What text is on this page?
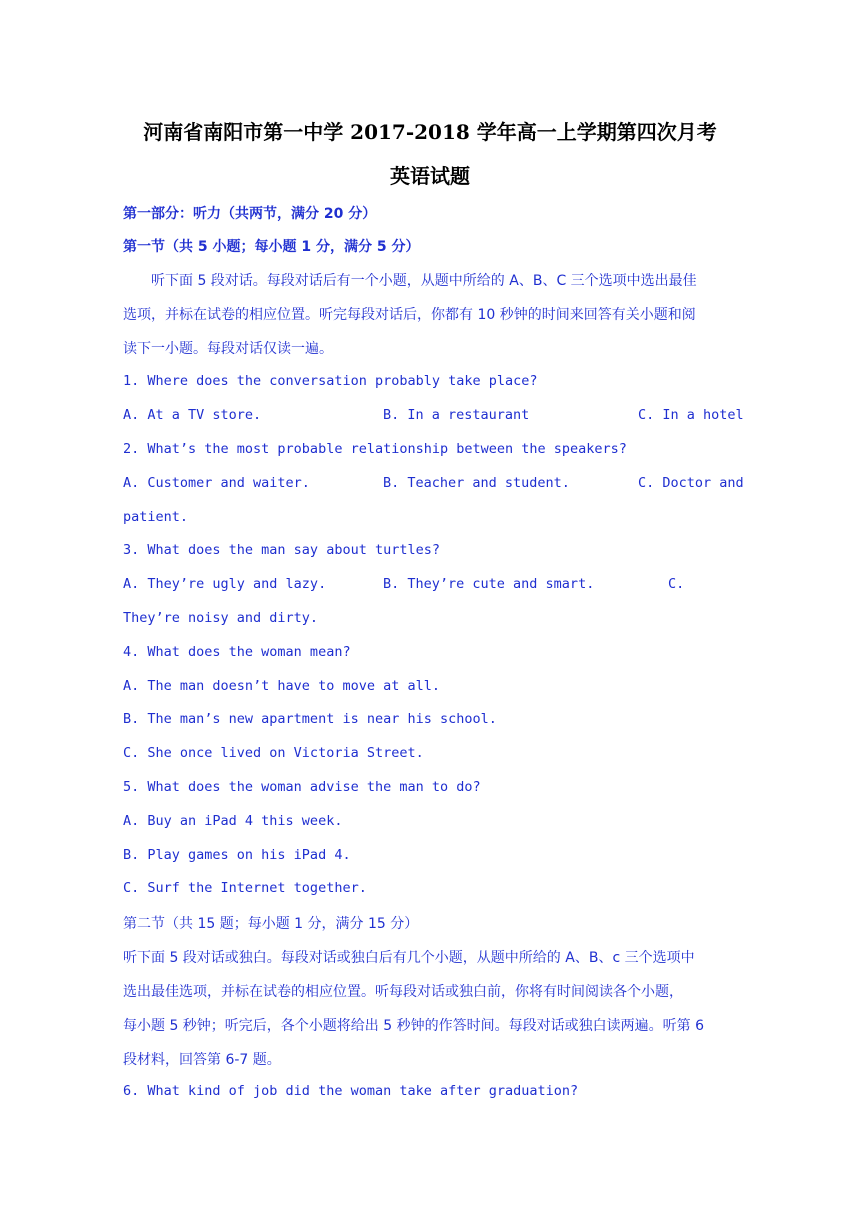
河南省南阳市第一中学 2017-2018 学年高一上学期第四次月考
英语试题
第一部分：听力（共两节，满分 20 分）
第一节（共 5 小题；每小题 1 分，满分 5 分）
听下面 5 段对话。每段对话后有一个小题，从题中所给的 A、B、C 三个选项中选出最佳
选项，并标在试卷的相应位置。听完每段对话后，你都有 10 秒钟的时间来回答有关小题和阅
读下一小题。每段对话仅读一遍。
1. Where does the conversation probably take place?
A. At a TV store.	B. In a restaurant	C. In a hotel
2. What’s the most probable relationship between the speakers?
A. Customer and waiter.	B. Teacher and student.	C. Doctor and
patient.
3. What does the man say about turtles?
A. They’re ugly and lazy.	B. They’re cute and smart.	C.
They’re noisy and dirty.
4. What does the woman mean?
A. The man doesn’t have to move at all.
B. The man’s new apartment is near his school.
C. She once lived on Victoria Street.
5. What does the woman advise the man to do?
A. Buy an iPad 4 this week.
B. Play games on his iPad 4.
C. Surf the Internet together.
第二节（共 15 题；每小题 1 分，满分 15 分）
听下面 5 段对话或独白。每段对话或独白后有几个小题，从题中所给的 A、B、c 三个选项中
选出最佳选项，并标在试卷的相应位置。听每段对话或独白前，你将有时间阅读各个小题，
每小题 5 秒钟；听完后，各个小题将给出 5 秒钟的作答时间。每段对话或独白读两遍。听第 6
段材料，回答第 6-7 题。
6. What kind of job did the woman take after graduation?
